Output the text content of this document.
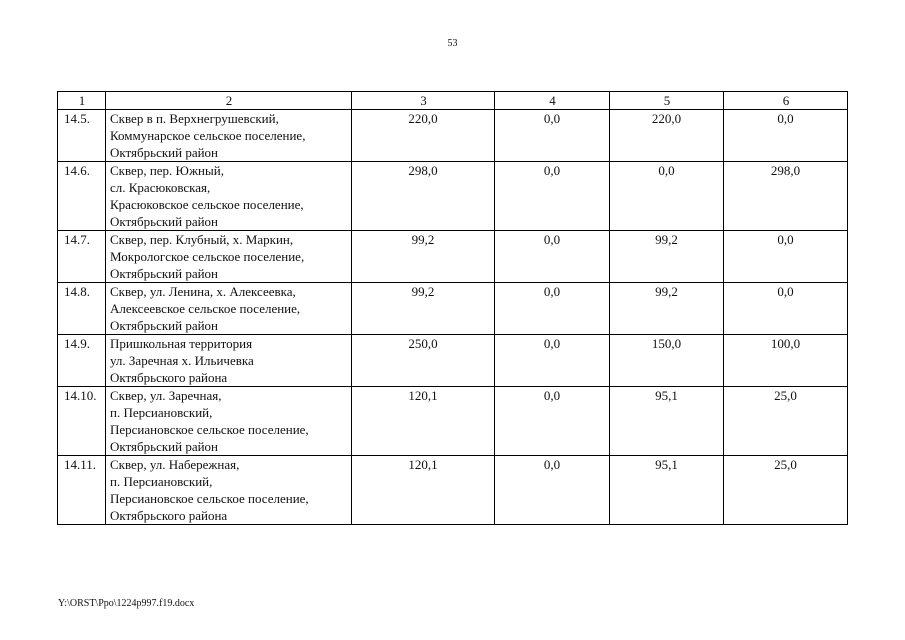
53
1	2	3	4	5	6
14.5.	Сквер в п. Верхнегрушевский,
Коммунарское сельское поселение,
Октябрьский район	220,0	0,0	220,0	0,0
14.6.	Сквер, пер. Южный,
сл. Красюковская,
Красюковское сельское поселение,
Октябрьский район	298,0	0,0	0,0	298,0
14.7.	Сквер, пер. Клубный, х. Маркин,
Мокрологское сельское поселение,
Октябрьский район	99,2	0,0	99,2	0,0
14.8.	Сквер, ул. Ленина, х. Алексеевка,
Алексеевское сельское поселение,
Октябрьский район	99,2	0,0	99,2	0,0
14.9.	Пришкольная территория
ул. Заречная х. Ильичевка
Октябрьского района	250,0	0,0	150,0	100,0
14.10.	Сквер, ул. Заречная,
п. Персиановский,
Персиановское сельское поселение,
Октябрьский район	120,1	0,0	95,1	25,0
14.11.	Сквер, ул. Набережная,
п. Персиановский,
Персиановское сельское поселение,
Октябрьского района	120,1	0,0	95,1	25,0
Y:\ORST\Ppo\1224p997.f19.docx
